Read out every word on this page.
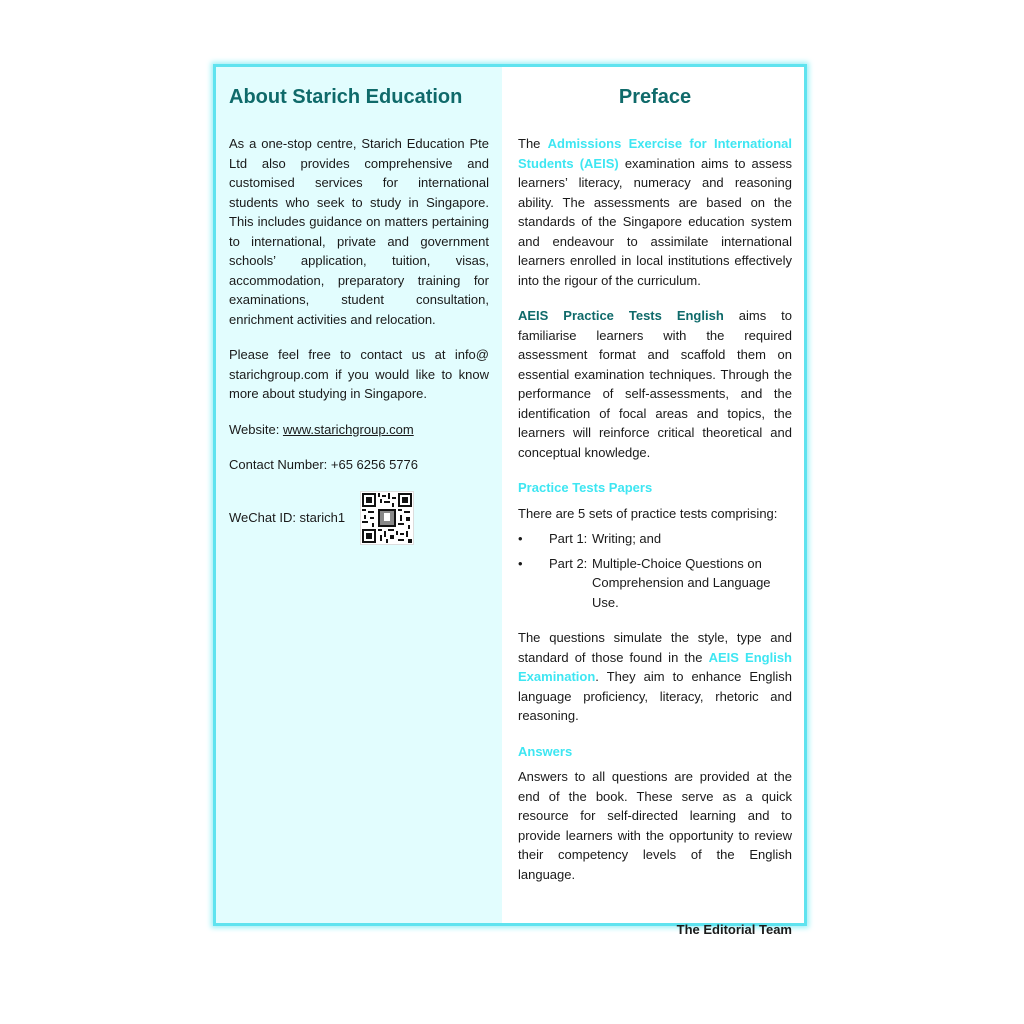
About Starich Education

As a one-stop centre, Starich Education Pte Ltd also provides comprehensive and customised services for international students who seek to study in Singapore. This includes guidance on matters pertaining to international, private and government schools’ application, tuition, visas, accommodation, preparatory training for examinations, student consultation, enrichment activities and relocation.

Please feel free to contact us at info@ starichgroup.com if you would like to know more about studying in Singapore.

Website: www.starichgroup.com

Contact Number: +65 6256 5776

WeChat ID: starich1
Preface

The Admissions Exercise for International Students (AEIS) examination aims to assess learners’ literacy, numeracy and reasoning ability. The assessments are based on the standards of the Singapore education system and endeavour to assimilate international learners enrolled in local institutions effectively into the rigour of the curriculum.

AEIS Practice Tests English aims to familiarise learners with the required assessment format and scaffold them on essential examination techniques. Through the performance of self-assessments, and the identification of focal areas and topics, the learners will reinforce critical theoretical and conceptual knowledge.

Practice Tests Papers

There are 5 sets of practice tests comprising:

•	Part 1: Writing; and
•	Part 2: Multiple-Choice Questions on Comprehension and Language Use.

The questions simulate the style, type and standard of those found in the AEIS English Examination. They aim to enhance English language proficiency, literacy, rhetoric and reasoning.

Answers

Answers to all questions are provided at the end of the book. These serve as a quick resource for self-directed learning and to provide learners with the opportunity to review their competency levels of the English language.

The Editorial Team
